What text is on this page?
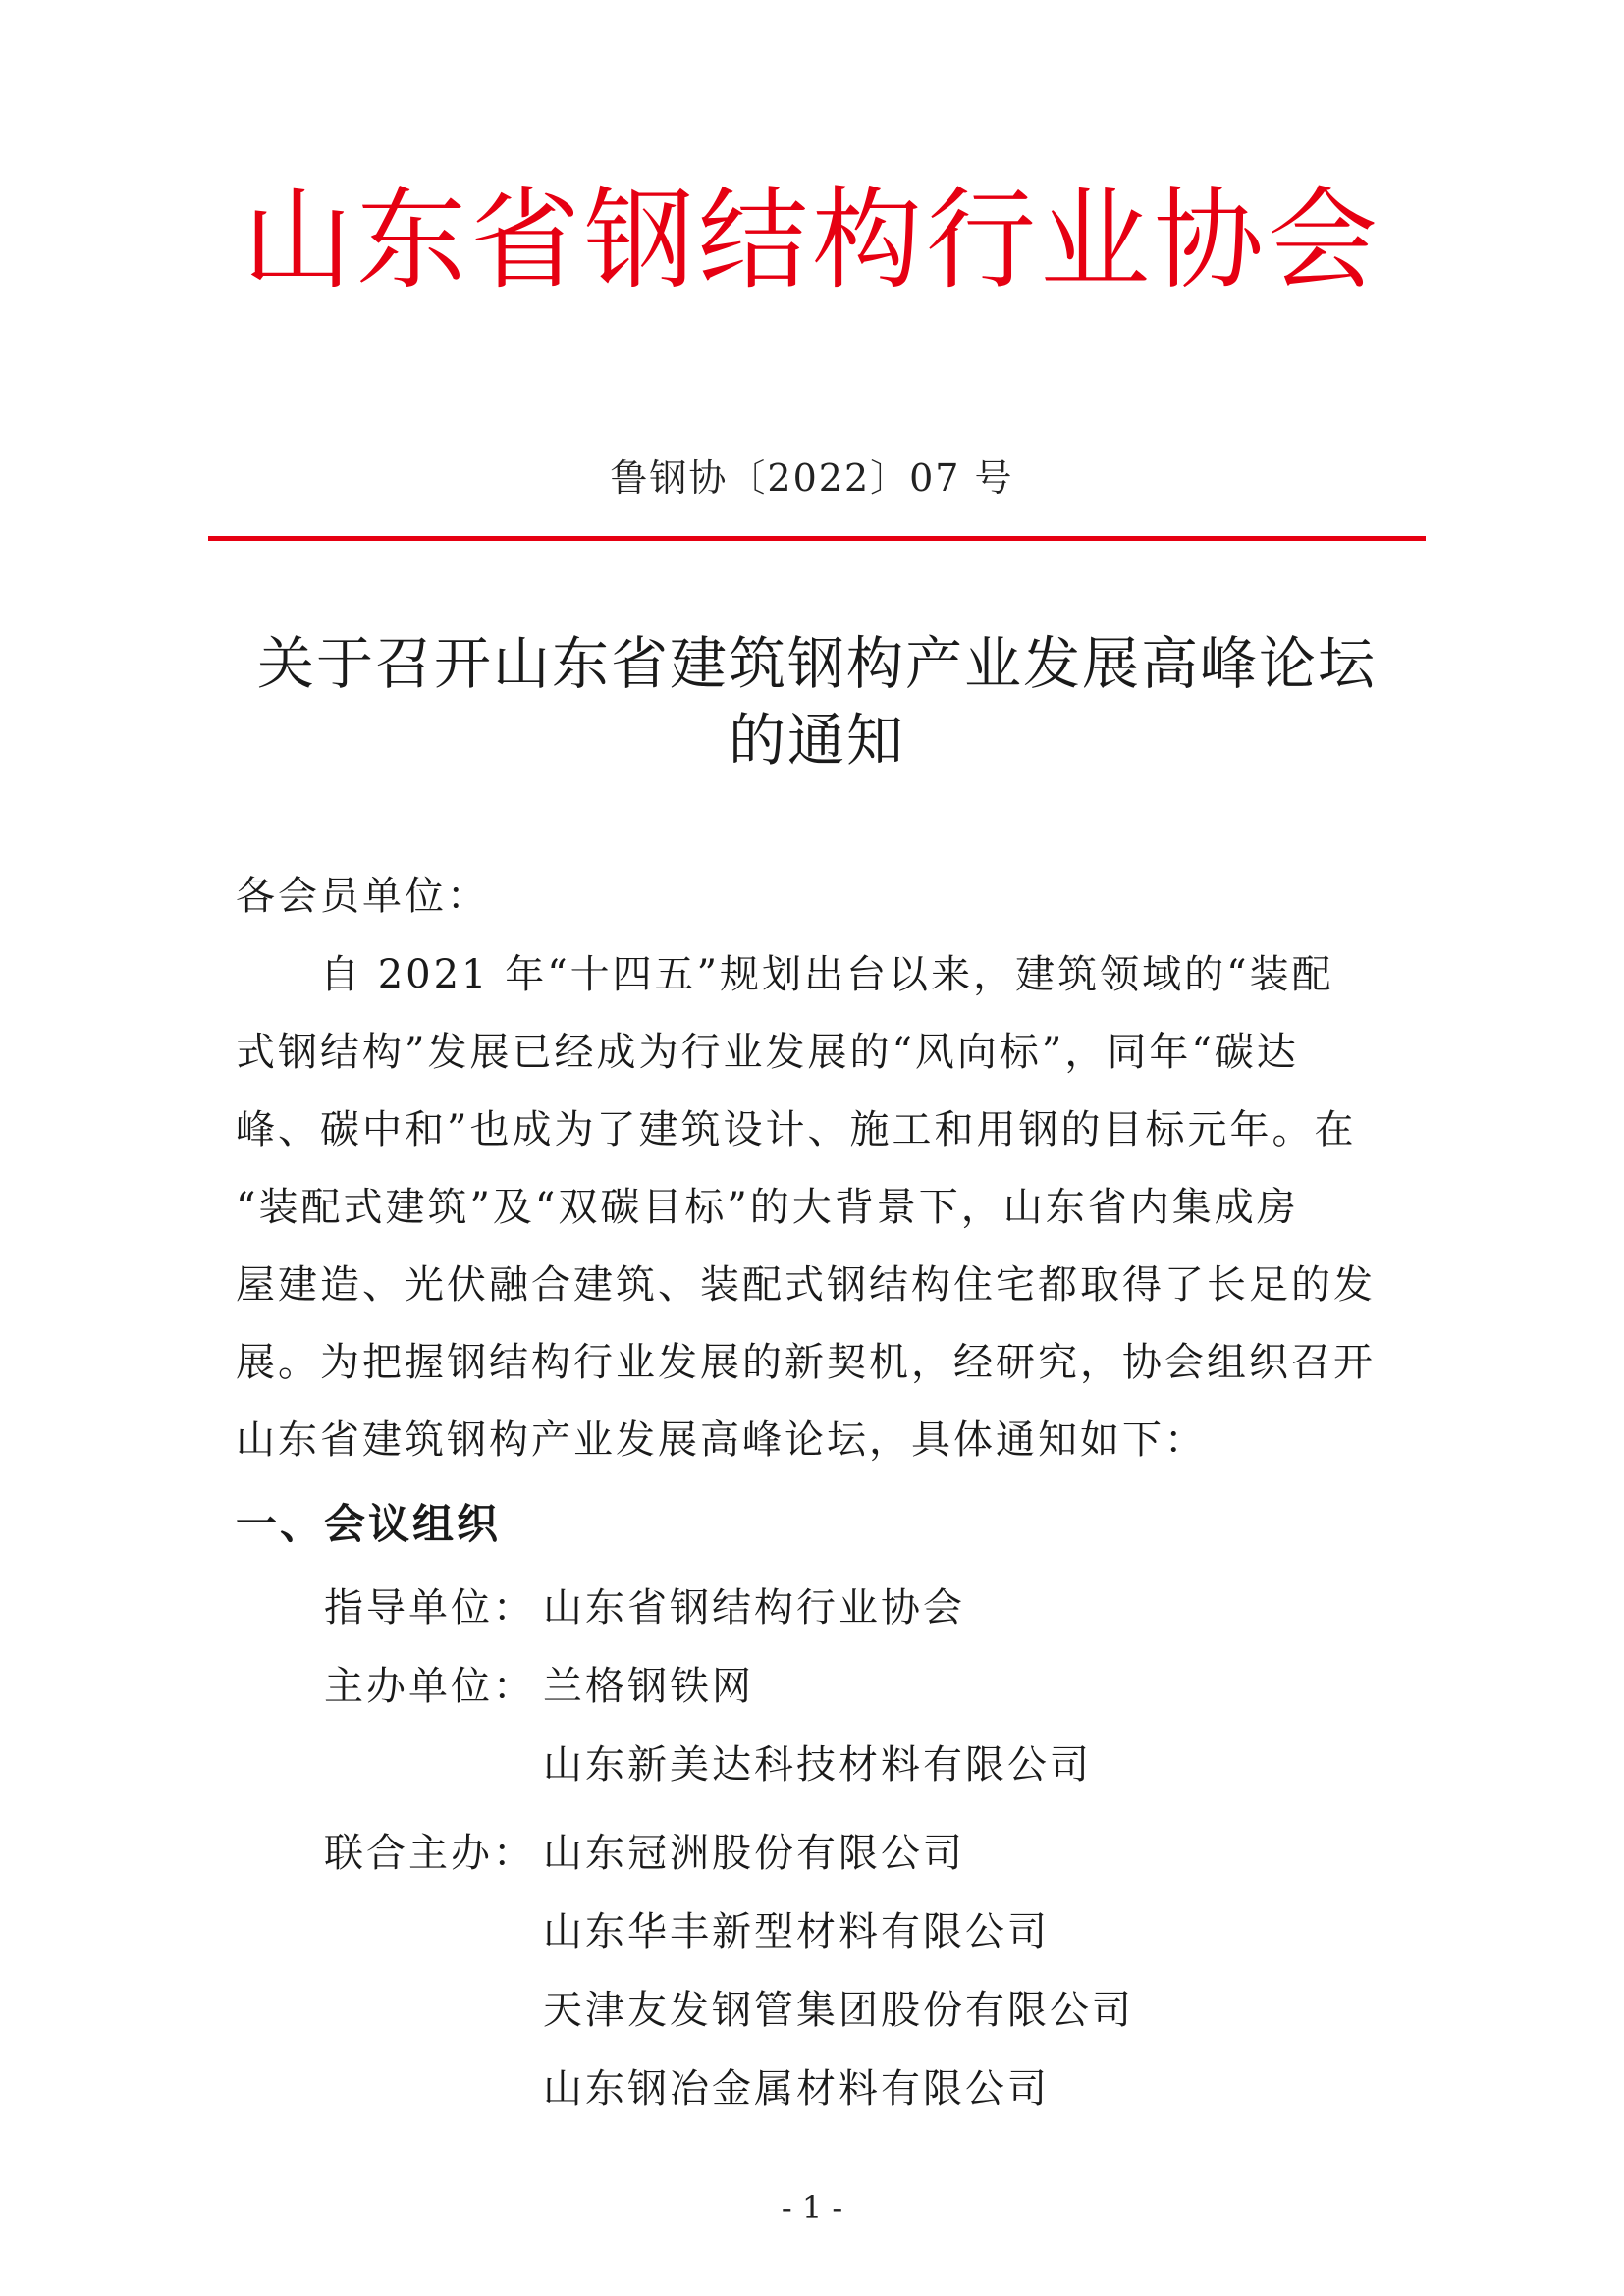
山东省钢结构行业协会
鲁钢协〔2022〕07 号
关于召开山东省建筑钢构产业发展高峰论坛
的通知
各会员单位：
　　自 2021 年“十四五”规划出台以来，建筑领域的“装配
式钢结构”发展已经成为行业发展的“风向标”，同年“碳达
峰、碳中和”也成为了建筑设计、施工和用钢的目标元年。在
“装配式建筑”及“双碳目标”的大背景下，山东省内集成房
屋建造、光伏融合建筑、装配式钢结构住宅都取得了长足的发
展。为把握钢结构行业发展的新契机，经研究，协会组织召开
山东省建筑钢构产业发展高峰论坛，具体通知如下：
一、会议组织
指导单位： 山东省钢结构行业协会
主办单位： 兰格钢铁网
山东新美达科技材料有限公司
联合主办： 山东冠洲股份有限公司
山东华丰新型材料有限公司
天津友发钢管集团股份有限公司
山东钢冶金属材料有限公司
- 1 -
